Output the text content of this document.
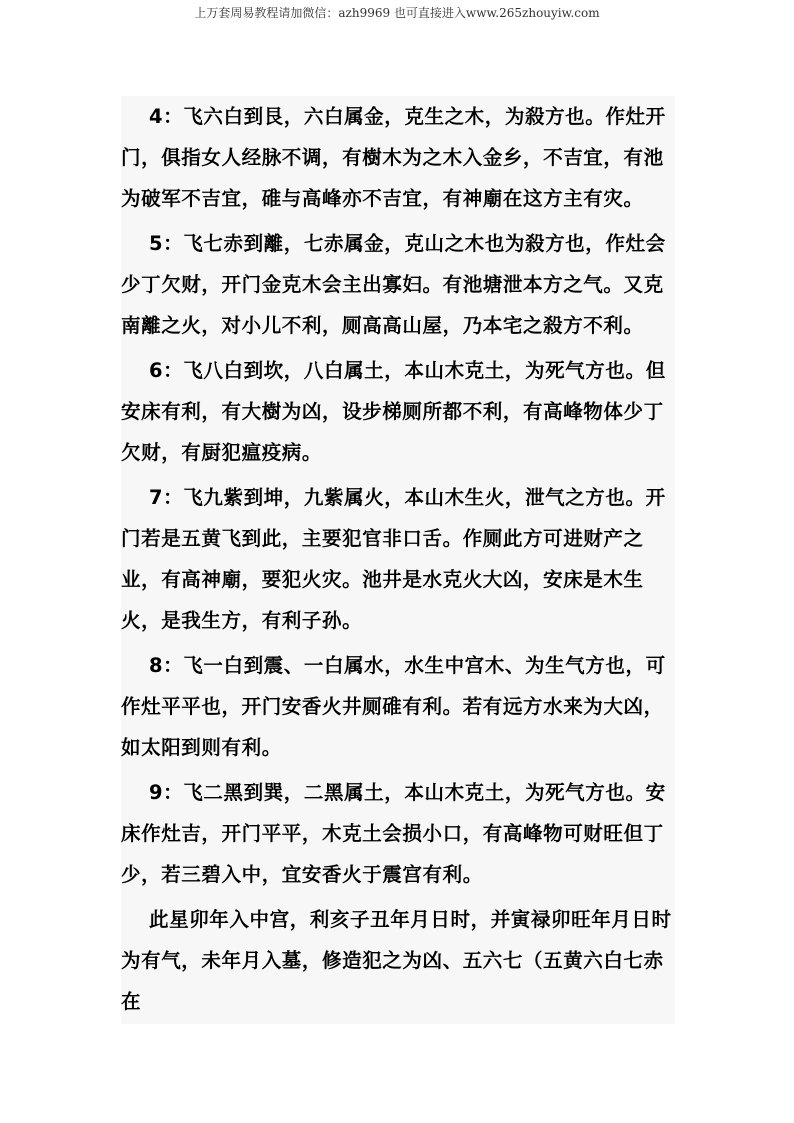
上万套周易教程请加微信：azh9969 也可直接进入www.265zhouyiw.com

4：飞六白到艮，六白属金，克生之木，为殺方也。作灶开门，俱指女人经脉不调，有樹木为之木入金乡，不吉宜，有池为破军不吉宜，碓与高峰亦不吉宜，有神廟在这方主有灾。

5：飞七赤到離，七赤属金，克山之木也为殺方也，作灶会少丁欠财，开门金克木会主出寡妇。有池塘泄本方之气。又克南離之火，对小儿不利，厕高高山屋，乃本宅之殺方不利。

6：飞八白到坎，八白属土，本山木克土，为死气方也。但安床有利，有大樹为凶，设步梯厕所都不利，有高峰物体少丁欠财，有厨犯瘟疫病。

7：飞九紫到坤，九紫属火，本山木生火，泄气之方也。开门若是五黄飞到此，主要犯官非口舌。作厕此方可进财产之业，有高神廟，要犯火灾。池井是水克火大凶，安床是木生火，是我生方，有利子孙。

8：飞一白到震、一白属水，水生中宫木、为生气方也，可作灶平平也，开门安香火井厕碓有利。若有远方水来为大凶，如太阳到则有利。

9：飞二黑到巽，二黑属土，本山木克土，为死气方也。安床作灶吉，开门平平，木克土会损小口，有高峰物可财旺但丁少，若三碧入中，宜安香火于震宫有利。

此星卯年入中宫，利亥子丑年月日时，并寅禄卯旺年月日时为有气，未年月入墓，修造犯之为凶、五六七（五黄六白七赤在
